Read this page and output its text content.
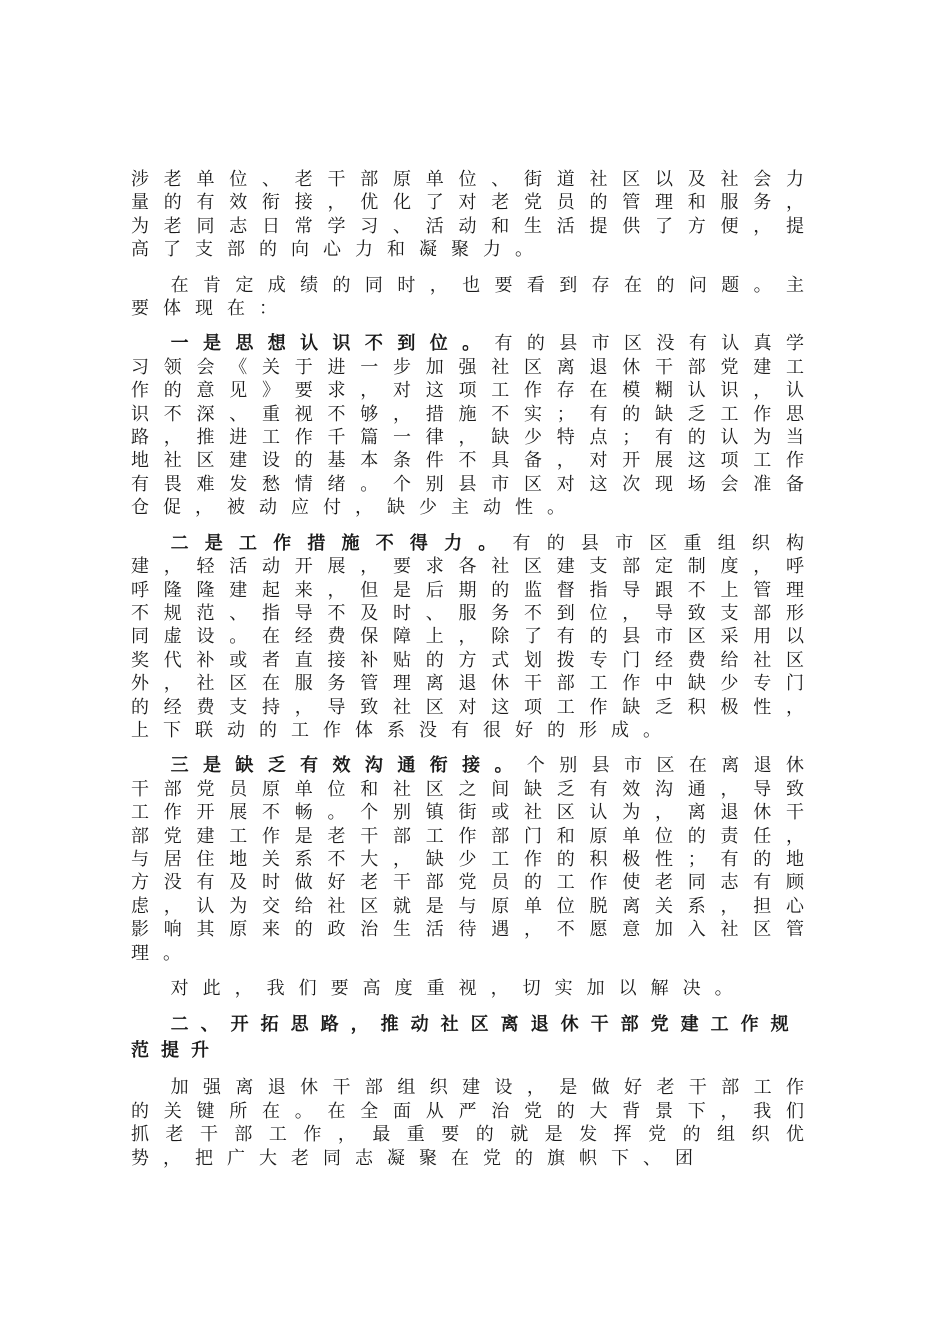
涉老单位、老干部原单位、街道社区以及社会力量的有效衔接，优化了对老党员的管理和服务，为老同志日常学习、活动和生活提供了方便，提高了支部的向心力和凝聚力。

在肯定成绩的同时，也要看到存在的问题。主要体现在：

一是思想认识不到位。有的县市区没有认真学习领会《关于进一步加强社区离退休干部党建工作的意见》要求，对这项工作存在模糊认识，认识不深、重视不够，措施不实；有的缺乏工作思路，推进工作千篇一律，缺少特点；有的认为当地社区建设的基本条件不具备，对开展这项工作有畏难发愁情绪。个别县市区对这次现场会准备仓促，被动应付，缺少主动性。

二是工作措施不得力。有的县市区重组织构建，轻活动开展，要求各社区建支部定制度，呼呼隆隆建起来，但是后期的监督指导跟不上管理不规范、指导不及时、服务不到位，导致支部形同虚设。在经费保障上，除了有的县市区采用以奖代补或者直接补贴的方式划拨专门经费给社区外，社区在服务管理离退休干部工作中缺少专门的经费支持，导致社区对这项工作缺乏积极性，上下联动的工作体系没有很好的形成。

三是缺乏有效沟通衔接。个别县市区在离退休干部党员原单位和社区之间缺乏有效沟通，导致工作开展不畅。个别镇街或社区认为，离退休干部党建工作是老干部工作部门和原单位的责任，与居住地关系不大，缺少工作的积极性；有的地方没有及时做好老干部党员的工作使老同志有顾虑，认为交给社区就是与原单位脱离关系，担心影响其原来的政治生活待遇，不愿意加入社区管理。

对此，我们要高度重视，切实加以解决。

二、开拓思路，推动社区离退休干部党建工作规范提升

加强离退休干部组织建设，是做好老干部工作的关键所在。在全面从严治党的大背景下，我们抓老干部工作，最重要的就是发挥党的组织优势，把广大老同志凝聚在党的旗帜下、团
